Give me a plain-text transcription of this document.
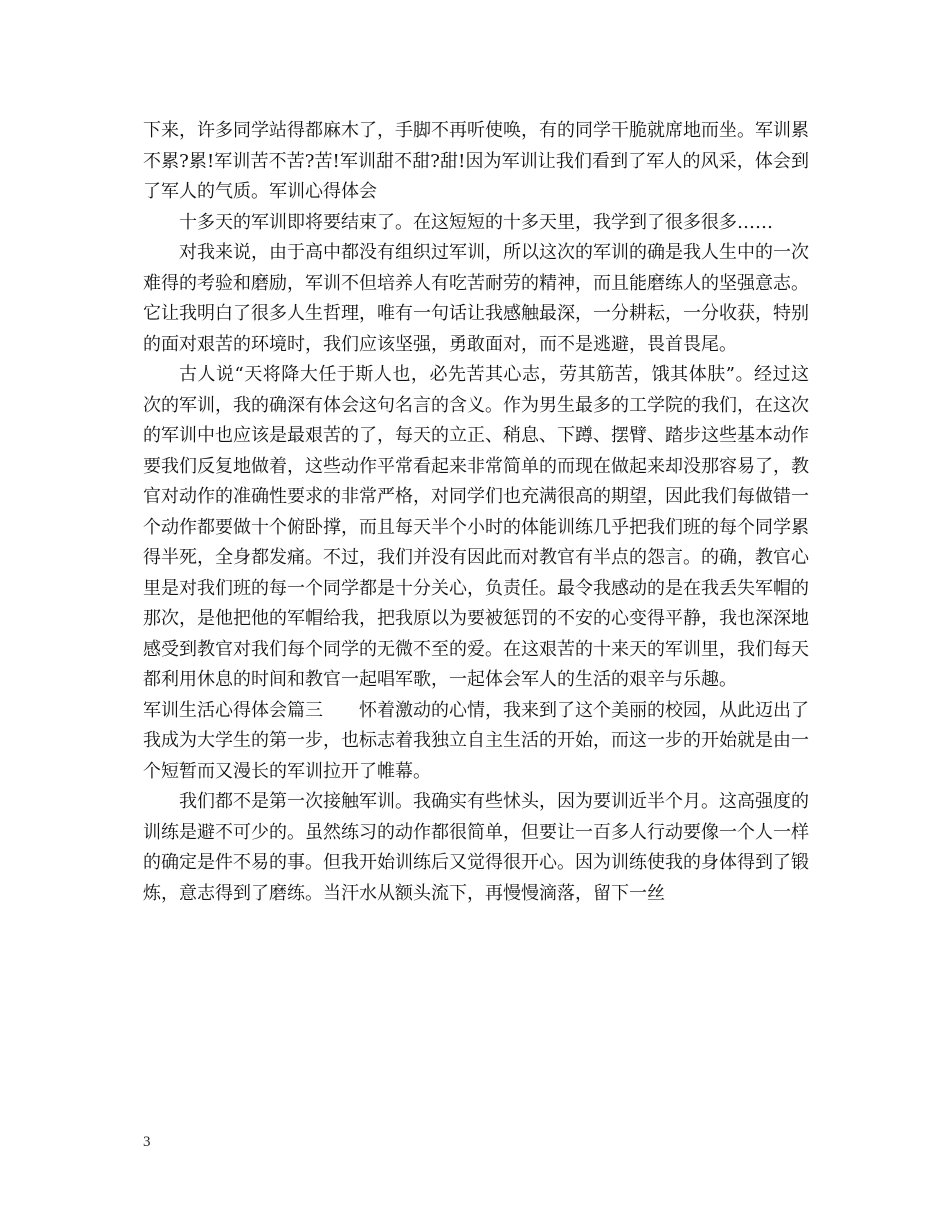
下来，许多同学站得都麻木了，手脚不再听使唤，有的同学干脆就席地而坐。军训累不累?累!军训苦不苦?苦!军训甜不甜?甜!因为军训让我们看到了军人的风采，体会到了军人的气质。军训心得体会

十多天的军训即将要结束了。在这短短的十多天里，我学到了很多很多……

对我来说，由于高中都没有组织过军训，所以这次的军训的确是我人生中的一次难得的考验和磨励，军训不但培养人有吃苦耐劳的精神，而且能磨练人的坚强意志。它让我明白了很多人生哲理，唯有一句话让我感触最深，一分耕耘，一分收获，特别的面对艰苦的环境时，我们应该坚强，勇敢面对，而不是逃避，畏首畏尾。

古人说“天将降大任于斯人也，必先苦其心志，劳其筋苦，饿其体肤”。经过这次的军训，我的确深有体会这句名言的含义。作为男生最多的工学院的我们，在这次的军训中也应该是最艰苦的了，每天的立正、稍息、下蹲、摆臂、踏步这些基本动作要我们反复地做着，这些动作平常看起来非常简单的而现在做起来却没那容易了，教官对动作的准确性要求的非常严格，对同学们也充满很高的期望，因此我们每做错一个动作都要做十个俯卧撑，而且每天半个小时的体能训练几乎把我们班的每个同学累得半死，全身都发痛。不过，我们并没有因此而对教官有半点的怨言。的确，教官心里是对我们班的每一个同学都是十分关心，负责任。最令我感动的是在我丢失军帽的那次，是他把他的军帽给我，把我原以为要被惩罚的不安的心变得平静，我也深深地感受到教官对我们每个同学的无微不至的爱。在这艰苦的十来天的军训里，我们每天都利用休息的时间和教官一起唱军歌，一起体会军人的生活的艰辛与乐趣。

军训生活心得体会篇三　　怀着激动的心情，我来到了这个美丽的校园，从此迈出了我成为大学生的第一步，也标志着我独立自主生活的开始，而这一步的开始就是由一个短暂而又漫长的军训拉开了帷幕。

我们都不是第一次接触军训。我确实有些怵头，因为要训近半个月。这高强度的训练是避不可少的。虽然练习的动作都很简单，但要让一百多人行动要像一个人一样的确定是件不易的事。但我开始训练后又觉得很开心。因为训练使我的身体得到了锻炼，意志得到了磨练。当汗水从额头流下，再慢慢滴落，留下一丝

3
